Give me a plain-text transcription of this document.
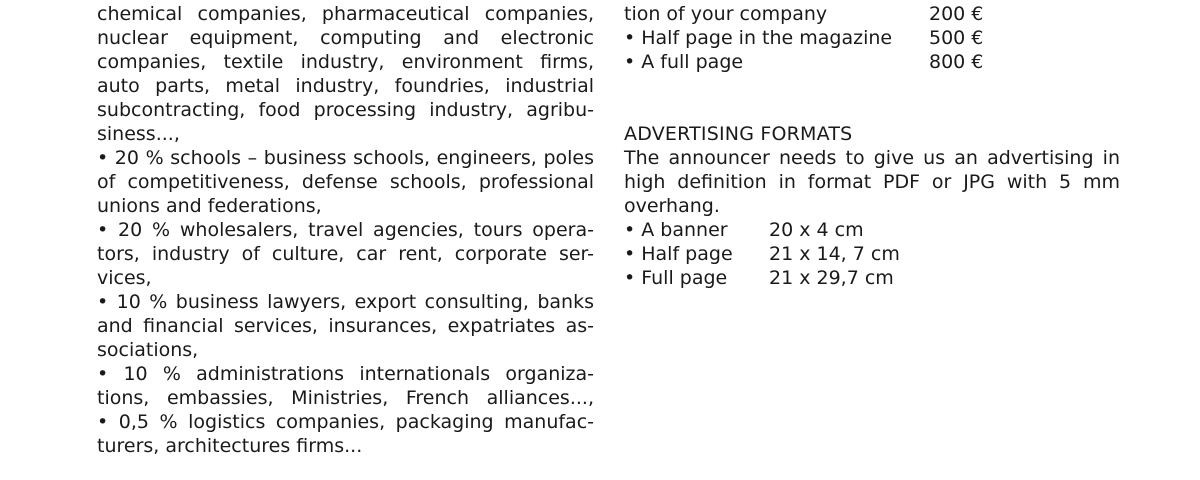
chemical companies, pharmaceutical companies,
nuclear equipment, computing and electronic
companies, textile industry, environment firms,
auto parts, metal industry, foundries, industrial
subcontracting, food processing industry, agribu-
siness...,
• 20 % schools – business schools, engineers, poles
of competitiveness, defense schools, professional
unions and federations,
• 20 % wholesalers, travel agencies, tours opera-
tors, industry of culture, car rent, corporate ser-
vices,
• 10 % business lawyers, export consulting, banks
and financial services, insurances, expatriates as-
sociations,
• 10 % administrations internationals organiza-
tions, embassies, Ministries, French alliances...,
• 0,5 % logistics companies, packaging manufac-
turers, architectures firms...
tion of your company	200 €
• Half page in the magazine 500 €
• A full page	800 €
ADVERTISING FORMATS
The announcer needs to give us an advertising in
high definition in format PDF or JPG with 5 mm
overhang.
• A banner 20 x 4 cm
• Half page 21 x 14, 7 cm
• Full page 21 x 29,7 cm
